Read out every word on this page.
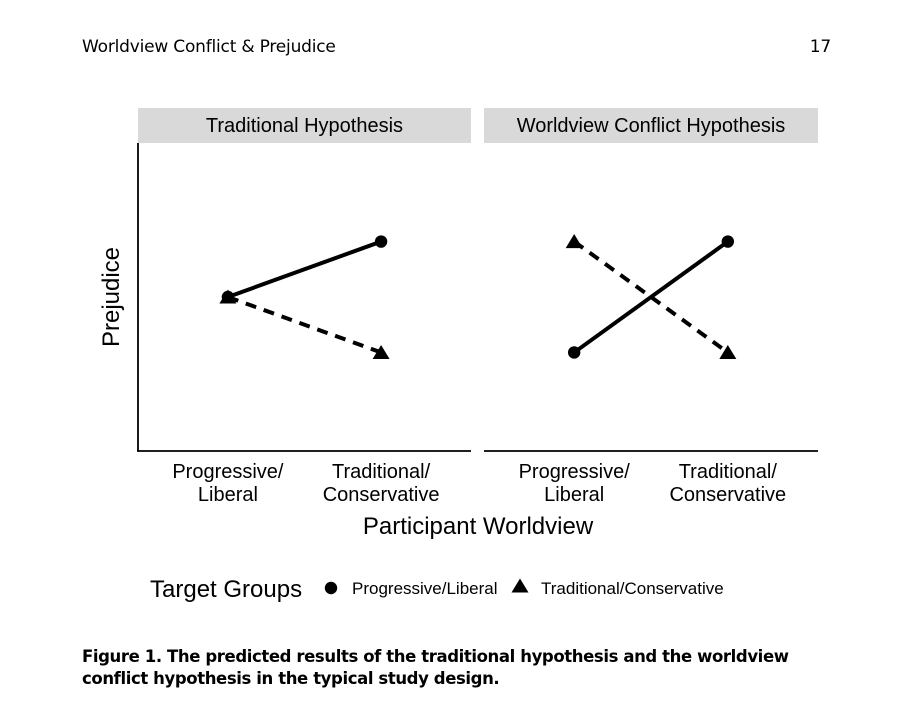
Worldview Conflict & Prejudice	17
Traditional Hypothesis
Progressive/ Liberal
Traditional/ Conservative
Worldview Conflict Hypothesis
Progressive/ Liberal
Traditional/ Conservative
Prejudice
Participant Worldview
Target Groups	Progressive/Liberal	Traditional/Conservative
Figure 1. The predicted results of the traditional hypothesis and the worldview conflict hypothesis in the typical study design.
